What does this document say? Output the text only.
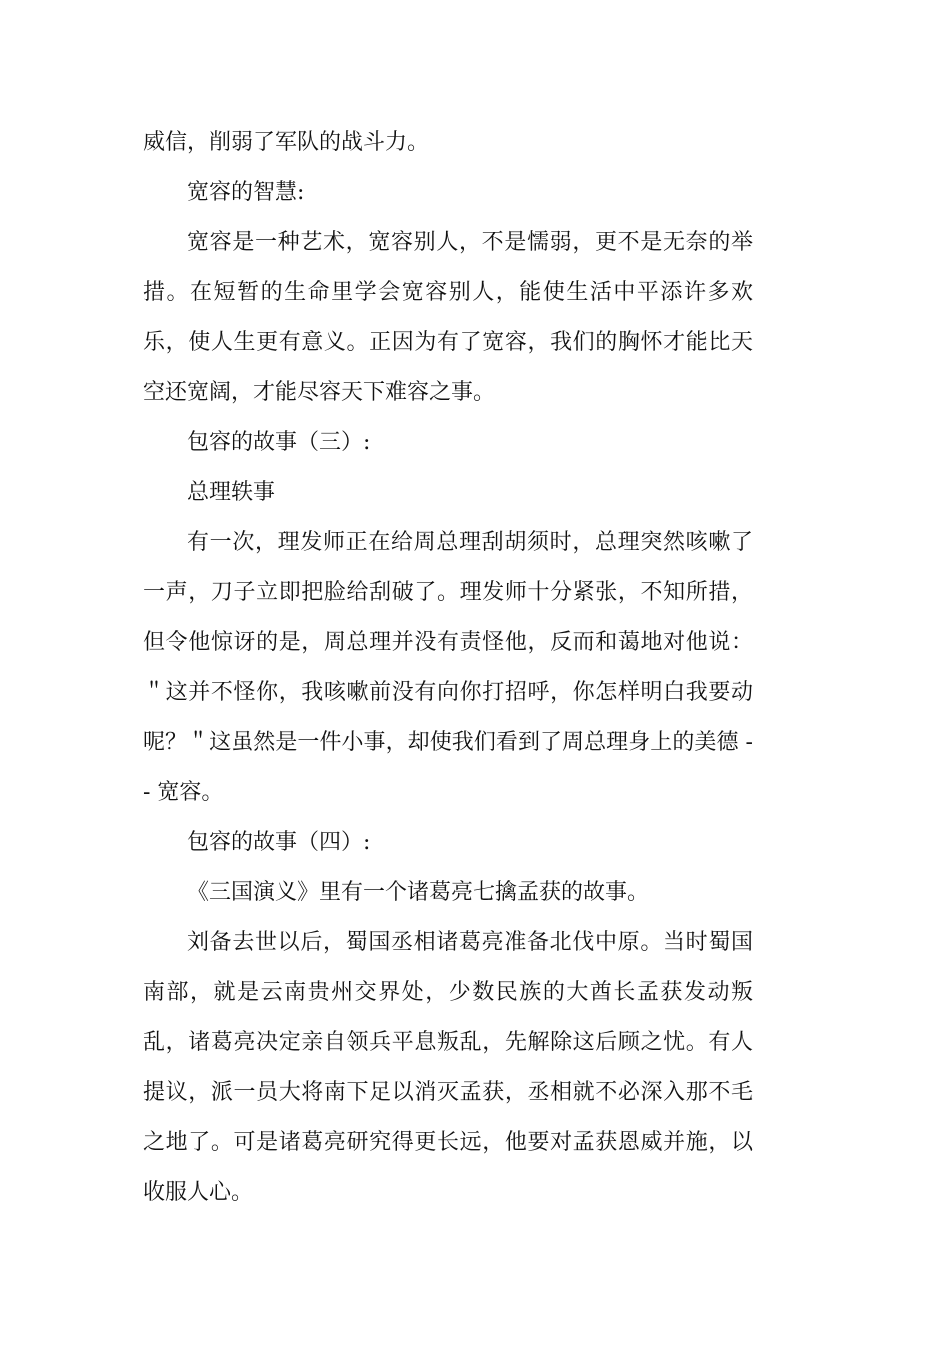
威信，削弱了军队的战斗力。

宽容的智慧:

宽容是一种艺术，宽容别人，不是懦弱，更不是无奈的举措。在短暂的生命里学会宽容别人，能使生活中平添许多欢乐，使人生更有意义。正因为有了宽容，我们的胸怀才能比天空还宽阔，才能尽容天下难容之事。

包容的故事（三）:

总理轶事

有一次，理发师正在给周总理刮胡须时，总理突然咳嗽了一声，刀子立即把脸给刮破了。理发师十分紧张，不知所措，但令他惊讶的是，周总理并没有责怪他，反而和蔼地对他说：＂这并不怪你，我咳嗽前没有向你打招呼，你怎样明白我要动呢？＂这虽然是一件小事，却使我们看到了周总理身上的美德 -- 宽容。

包容的故事（四）:

《三国演义》里有一个诸葛亮七擒孟获的故事。

刘备去世以后，蜀国丞相诸葛亮准备北伐中原。当时蜀国南部，就是云南贵州交界处，少数民族的大酋长孟获发动叛乱，诸葛亮决定亲自领兵平息叛乱，先解除这后顾之忧。有人提议，派一员大将南下足以消灭孟获，丞相就不必深入那不毛之地了。可是诸葛亮研究得更长远，他要对孟获恩威并施，以收服人心。
